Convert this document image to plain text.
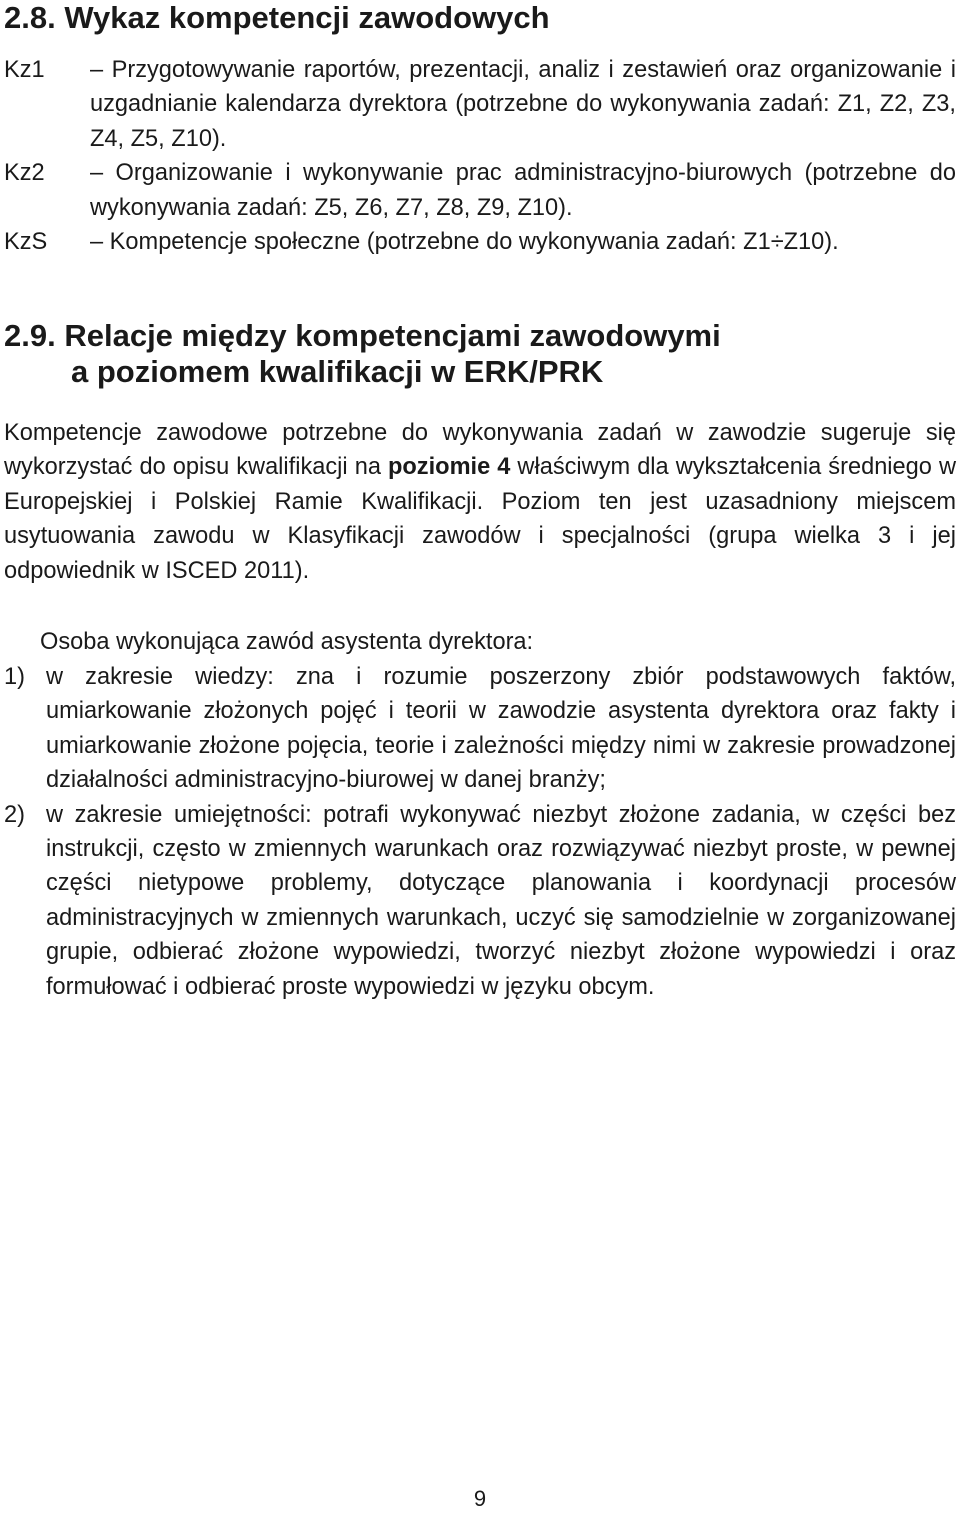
2.8. Wykaz kompetencji zawodowych
Kz1	– Przygotowywanie raportów, prezentacji, analiz i zestawień oraz organizowanie i uzgadnianie kalendarza dyrektora (potrzebne do wykonywania zadań: Z1, Z2, Z3, Z4, Z5, Z10).
Kz2	– Organizowanie i wykonywanie prac administracyjno-biurowych (potrzebne do wykonywania zadań: Z5, Z6, Z7, Z8, Z9, Z10).
KzS	– Kompetencje społeczne (potrzebne do wykonywania zadań: Z1÷Z10).
2.9. Relacje między kompetencjami zawodowymi
a poziomem kwalifikacji w ERK/PRK

Kompetencje zawodowe potrzebne do wykonywania zadań w zawodzie sugeruje się wykorzystać do opisu kwalifikacji na poziomie 4 właściwym dla wykształcenia średniego w Europejskiej i Polskiej Ramie Kwalifikacji. Poziom ten jest uzasadniony miejscem usytuowania zawodu w Klasyfikacji zawodów i specjalności (grupa wielka 3 i jej odpowiednik w ISCED 2011).

Osoba wykonująca zawód asystenta dyrektora:

1) w zakresie wiedzy: zna i rozumie poszerzony zbiór podstawowych faktów, umiarkowanie złożonych pojęć i teorii w zawodzie asystenta dyrektora oraz fakty i umiarkowanie złożone pojęcia, teorie i zależności między nimi w zakresie prowadzonej działalności administracyjno-biurowej w danej branży;
2) w zakresie umiejętności: potrafi wykonywać niezbyt złożone zadania, w części bez instrukcji, często w zmiennych warunkach oraz rozwiązywać niezbyt proste, w pewnej części nietypowe problemy, dotyczące planowania i koordynacji procesów administracyjnych w zmiennych warunkach, uczyć się samodzielnie w zorganizowanej grupie, odbierać złożone wypowiedzi, tworzyć niezbyt złożone wypowiedzi i oraz formułować i odbierać proste wypowiedzi w języku obcym.
9
